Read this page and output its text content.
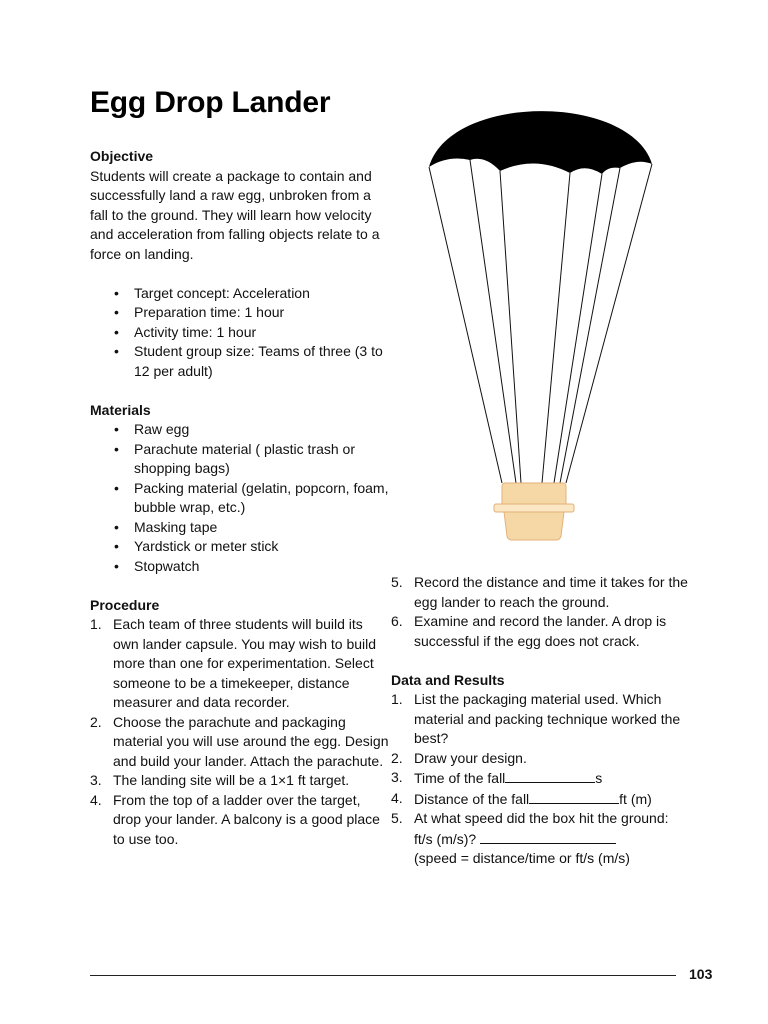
Egg Drop Lander

Objective

Students will create a package to contain and successfully land a raw egg, unbroken from a fall to the ground. They will learn how velocity and acceleration from falling objects relate to a force on landing.

• Target concept: Acceleration
• Preparation time: 1 hour
• Activity time: 1 hour
• Student group size: Teams of three (3 to 12 per adult)

Materials

• Raw egg
• Parachute material ( plastic trash or shopping bags)
• Packing material (gelatin, popcorn, foam, bubble wrap, etc.)
• Masking tape
• Yardstick or meter stick
• Stopwatch

Procedure

1. Each team of three students will build its own lander capsule. You may wish to build more than one for experimentation. Select someone to be a timekeeper, distance measurer and data recorder.
2. Choose the parachute and packaging material you will use around the egg. Design and build your lander. Attach the parachute.
3. The landing site will be a 1×1 ft target.
4. From the top of a ladder over the target, drop your lander. A balcony is a good place to use too.
5. Record the distance and time it takes for the egg lander to reach the ground.
6. Examine and record the lander. A drop is successful if the egg does not crack.

Data and Results

1. List the packaging material used. Which material and packing technique worked the best?
2. Draw your design.
3. Time of the fall	s
4. Distance of the fall	ft (m)
5. At what speed did the box hit the ground:
ft/s (m/s)?
(speed = distance/time or ft/s (m/s)
103
